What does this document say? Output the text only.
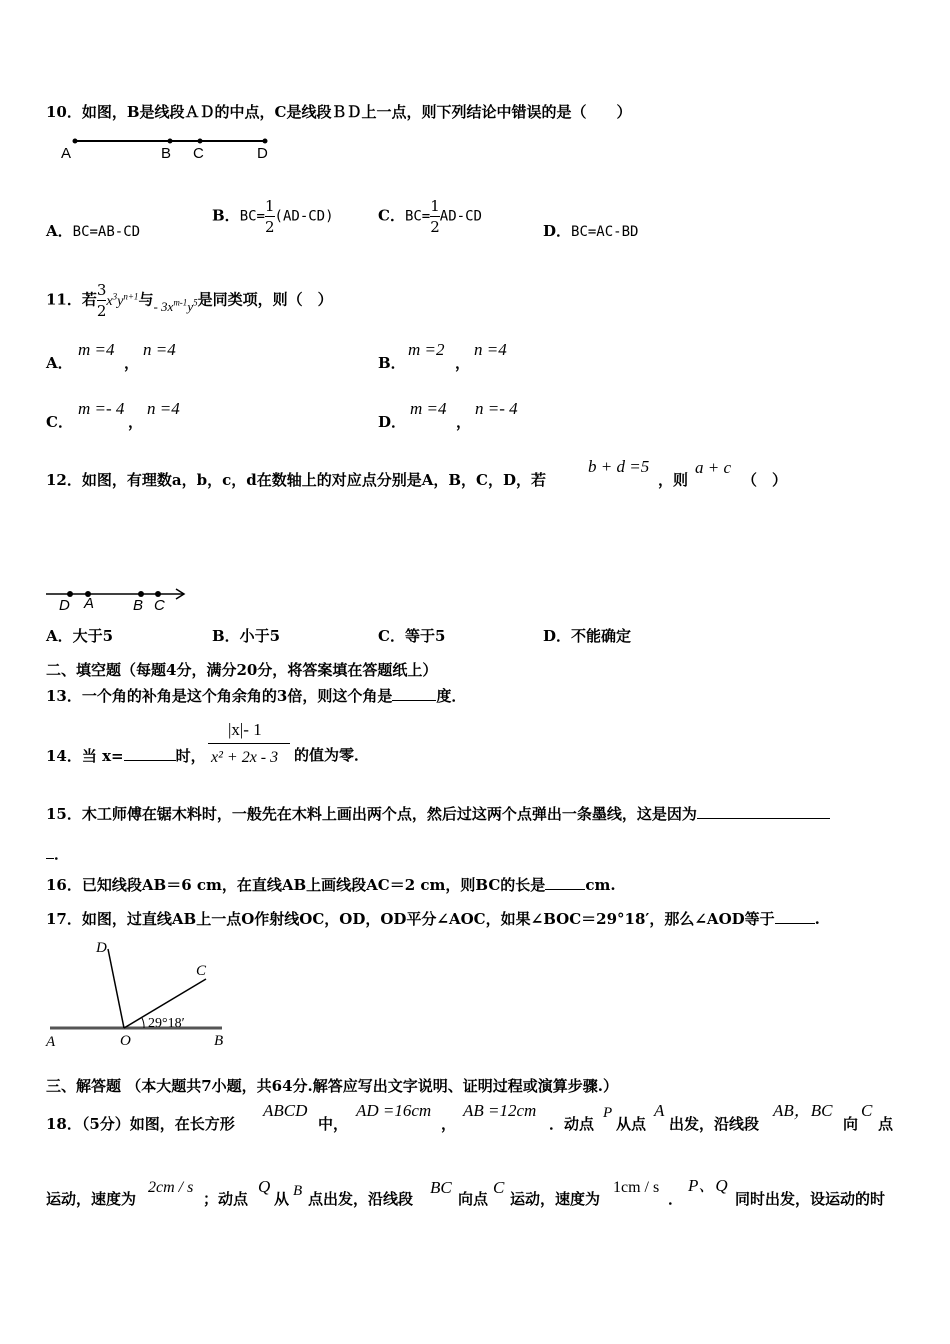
10．如图，B是线段ＡＤ的中点，C是线段ＢＤ上一点，则下列结论中错误的是（　　）
A	B C	D
A．BC=AB-CD
B．$BC= \frac{1}{2} (AD-CD)$	C．$BC= \frac{1}{2} AD-CD$
D．BC=AC-BD
11．若 $\frac{3}{2} x^3y^{n+1}$与- $3x^{m-1}y^5$是同类项，则（　）
A．
m =4
，
n =4
B．
m =2
，
n =4
C．
m =- 4
，
n =4
D．
m =4
，
n =- 4
12．如图，有理数a，b，c，d在数轴上的对应点分别是A，B，C，D，若
b + d =5
，则
a + c
（　）
D A	B C
A．大于5	B．小于5	C．等于5	D．不能确定
二、填空题（每题4分，满分20分，将答案填在答题纸上）
13．一个角的补角是这个角余角的3倍，则这个角是	度．
14．当 x=	时，
|x|- 1
x² + 2x - 3 的值为零．
15．木工师傅在锯木料时，一般先在木料上画出两个点，然后过这两个点弹出一条墨线，这是因为
．
16．已知线段AB＝6 cm，在直线AB上画线段AC＝2 cm，则BC的长是	cm.
17．如图，过直线AB上一点O作射线OC，OD，OD平分∠AOC，如果∠BOC＝29°18′，那么∠AOD等于	.
29°18′
D
C
A	O	B
三、解答题 （本大题共7小题，共64分.解答应写出文字说明、证明过程或演算步骤.）
18．（5分）如图，在长方形
ABCD
中，
AD =16cm
，
AB =12cm
．动点
P
从点
A
出发，沿线段
AB，BC
向
C
点
运动，速度为
2cm / s
；动点
Q
从 B 点出发，沿线段
BC
向点
C
运动，速度为
1cm / s
．
P、Q
同时出发，设运动的时
